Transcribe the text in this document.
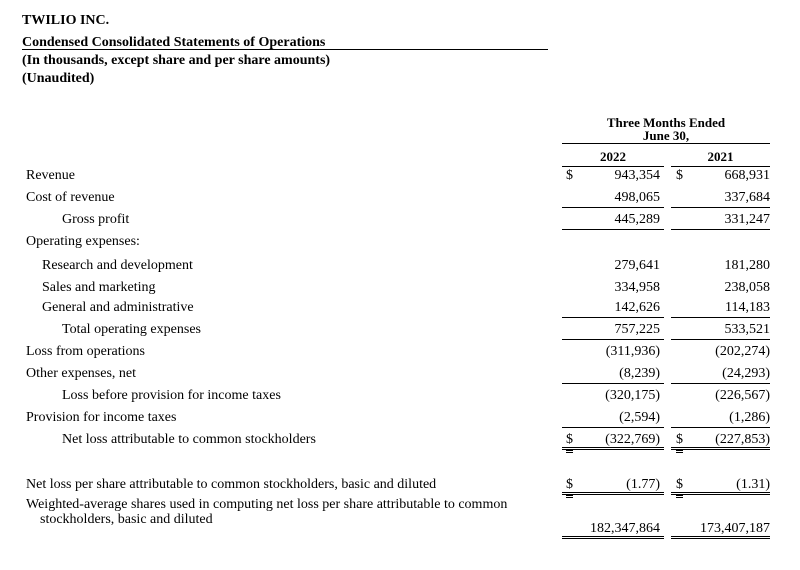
TWILIO INC.
Condensed Consolidated Statements of Operations
(In thousands, except share and per share amounts)
(Unaudited)
Three Months Ended
June 30,
2022	2021
Revenue	$	943,354 $	668,931
Cost of revenue	498,065	337,684
Gross profit	445,289	331,247
Operating expenses:
Research and development	279,641	181,280
Sales and marketing	334,958	238,058
General and administrative	142,626	114,183
Total operating expenses	757,225	533,521
Loss from operations	(311,936)	(202,274)
Other expenses, net	(8,239)	(24,293)
Loss before provision for income taxes	(320,175)	(226,567)
Provision for income taxes	(2,594)	(1,286)
Net loss attributable to common stockholders	$	(322,769) $	(227,853)
Net loss per share attributable to common stockholders, basic and diluted	$	(1.77) $	(1.31)
Weighted-average shares used in computing net loss per share attributable to common
stockholders, basic and diluted
182,347,864	173,407,187
